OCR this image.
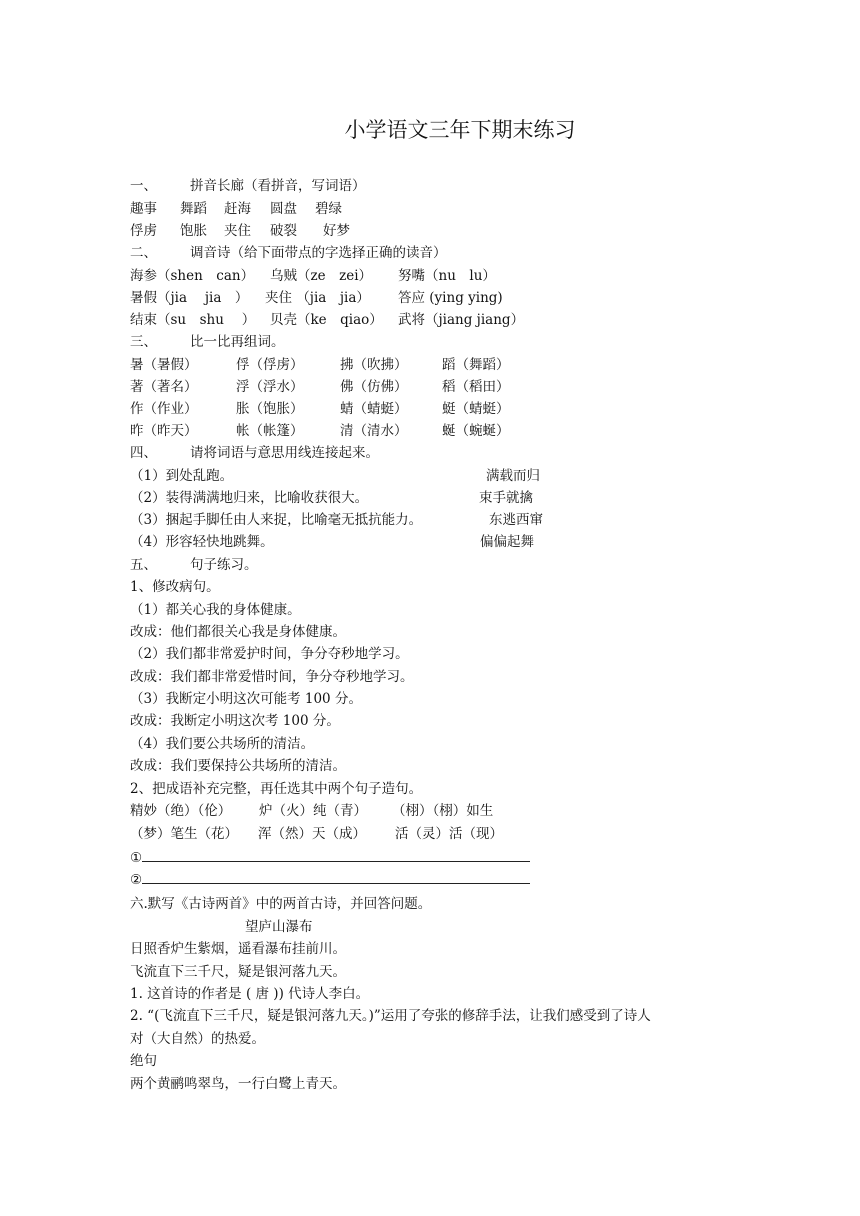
小学语文三年下期末练习
一、 拼音长廊（看拼音，写词语）
趣事 舞蹈 赶海 圆盘 碧绿
俘虏 饱胀 夹住 破裂 好梦
二、 调音诗（给下面带点的字选择正确的读音）
海参（shen　can） 乌贼（ze　zei） 努嘴（nu　lu）
暑假（jia　 jia　） 夹住 （jia　jia） 答应 (ying ying)
结束（su　shu　 ） 贝壳（ke　qiao） 武将（jiang jiang）
三、 比一比再组词。
暑（暑假）	俘（俘虏）	拂（吹拂）	蹈（舞蹈）
著（著名）	浮（浮水）	佛（仿佛）	稻（稻田）
作（作业）	胀（饱胀）	蜻（蜻蜓）	蜓（蜻蜓）
昨（昨天）	帐（帐篷）	清（清水）	蜒（蜿蜒）
四、 请将词语与意思用线连接起来。
（1）到处乱跑。	满载而归
（2）装得满满地归来，比喻收获很大。	束手就擒
（3）捆起手脚任由人来捉，比喻毫无抵抗能力。	东逃西窜
（4）形容轻快地跳舞。	偏偏起舞
五、 句子练习。
1、修改病句。
（1）都关心我的身体健康。
改成：他们都很关心我是身体健康。
（2）我们都非常爱护时间，争分夺秒地学习。
改成：我们都非常爱惜时间，争分夺秒地学习。
（3）我断定小明这次可能考 100 分。
改成：我断定小明这次考 100 分。
（4）我们要公共场所的清洁。
改成：我们要保持公共场所的清洁。
2、把成语补充完整，再任选其中两个句子造句。
精妙（绝）（伦） 炉（火）纯（青） （栩）（栩）如生
（梦）笔生（花） 浑（然）天（成） 活（灵）活（现）
①
②
六.默写《古诗两首》中的两首古诗，并回答问题。
望庐山瀑布
日照香炉生紫烟，遥看瀑布挂前川。
飞流直下三千尺，疑是银河落九天。
1. 这首诗的作者是 ( 唐 )) 代诗人李白。
2. “(飞流直下三千尺，疑是银河落九天。)”运用了夸张的修辞手法，让我们感受到了诗人
对（大自然）的热爱。
绝句
两个黄鹂鸣翠鸟，一行白鹭上青天。
